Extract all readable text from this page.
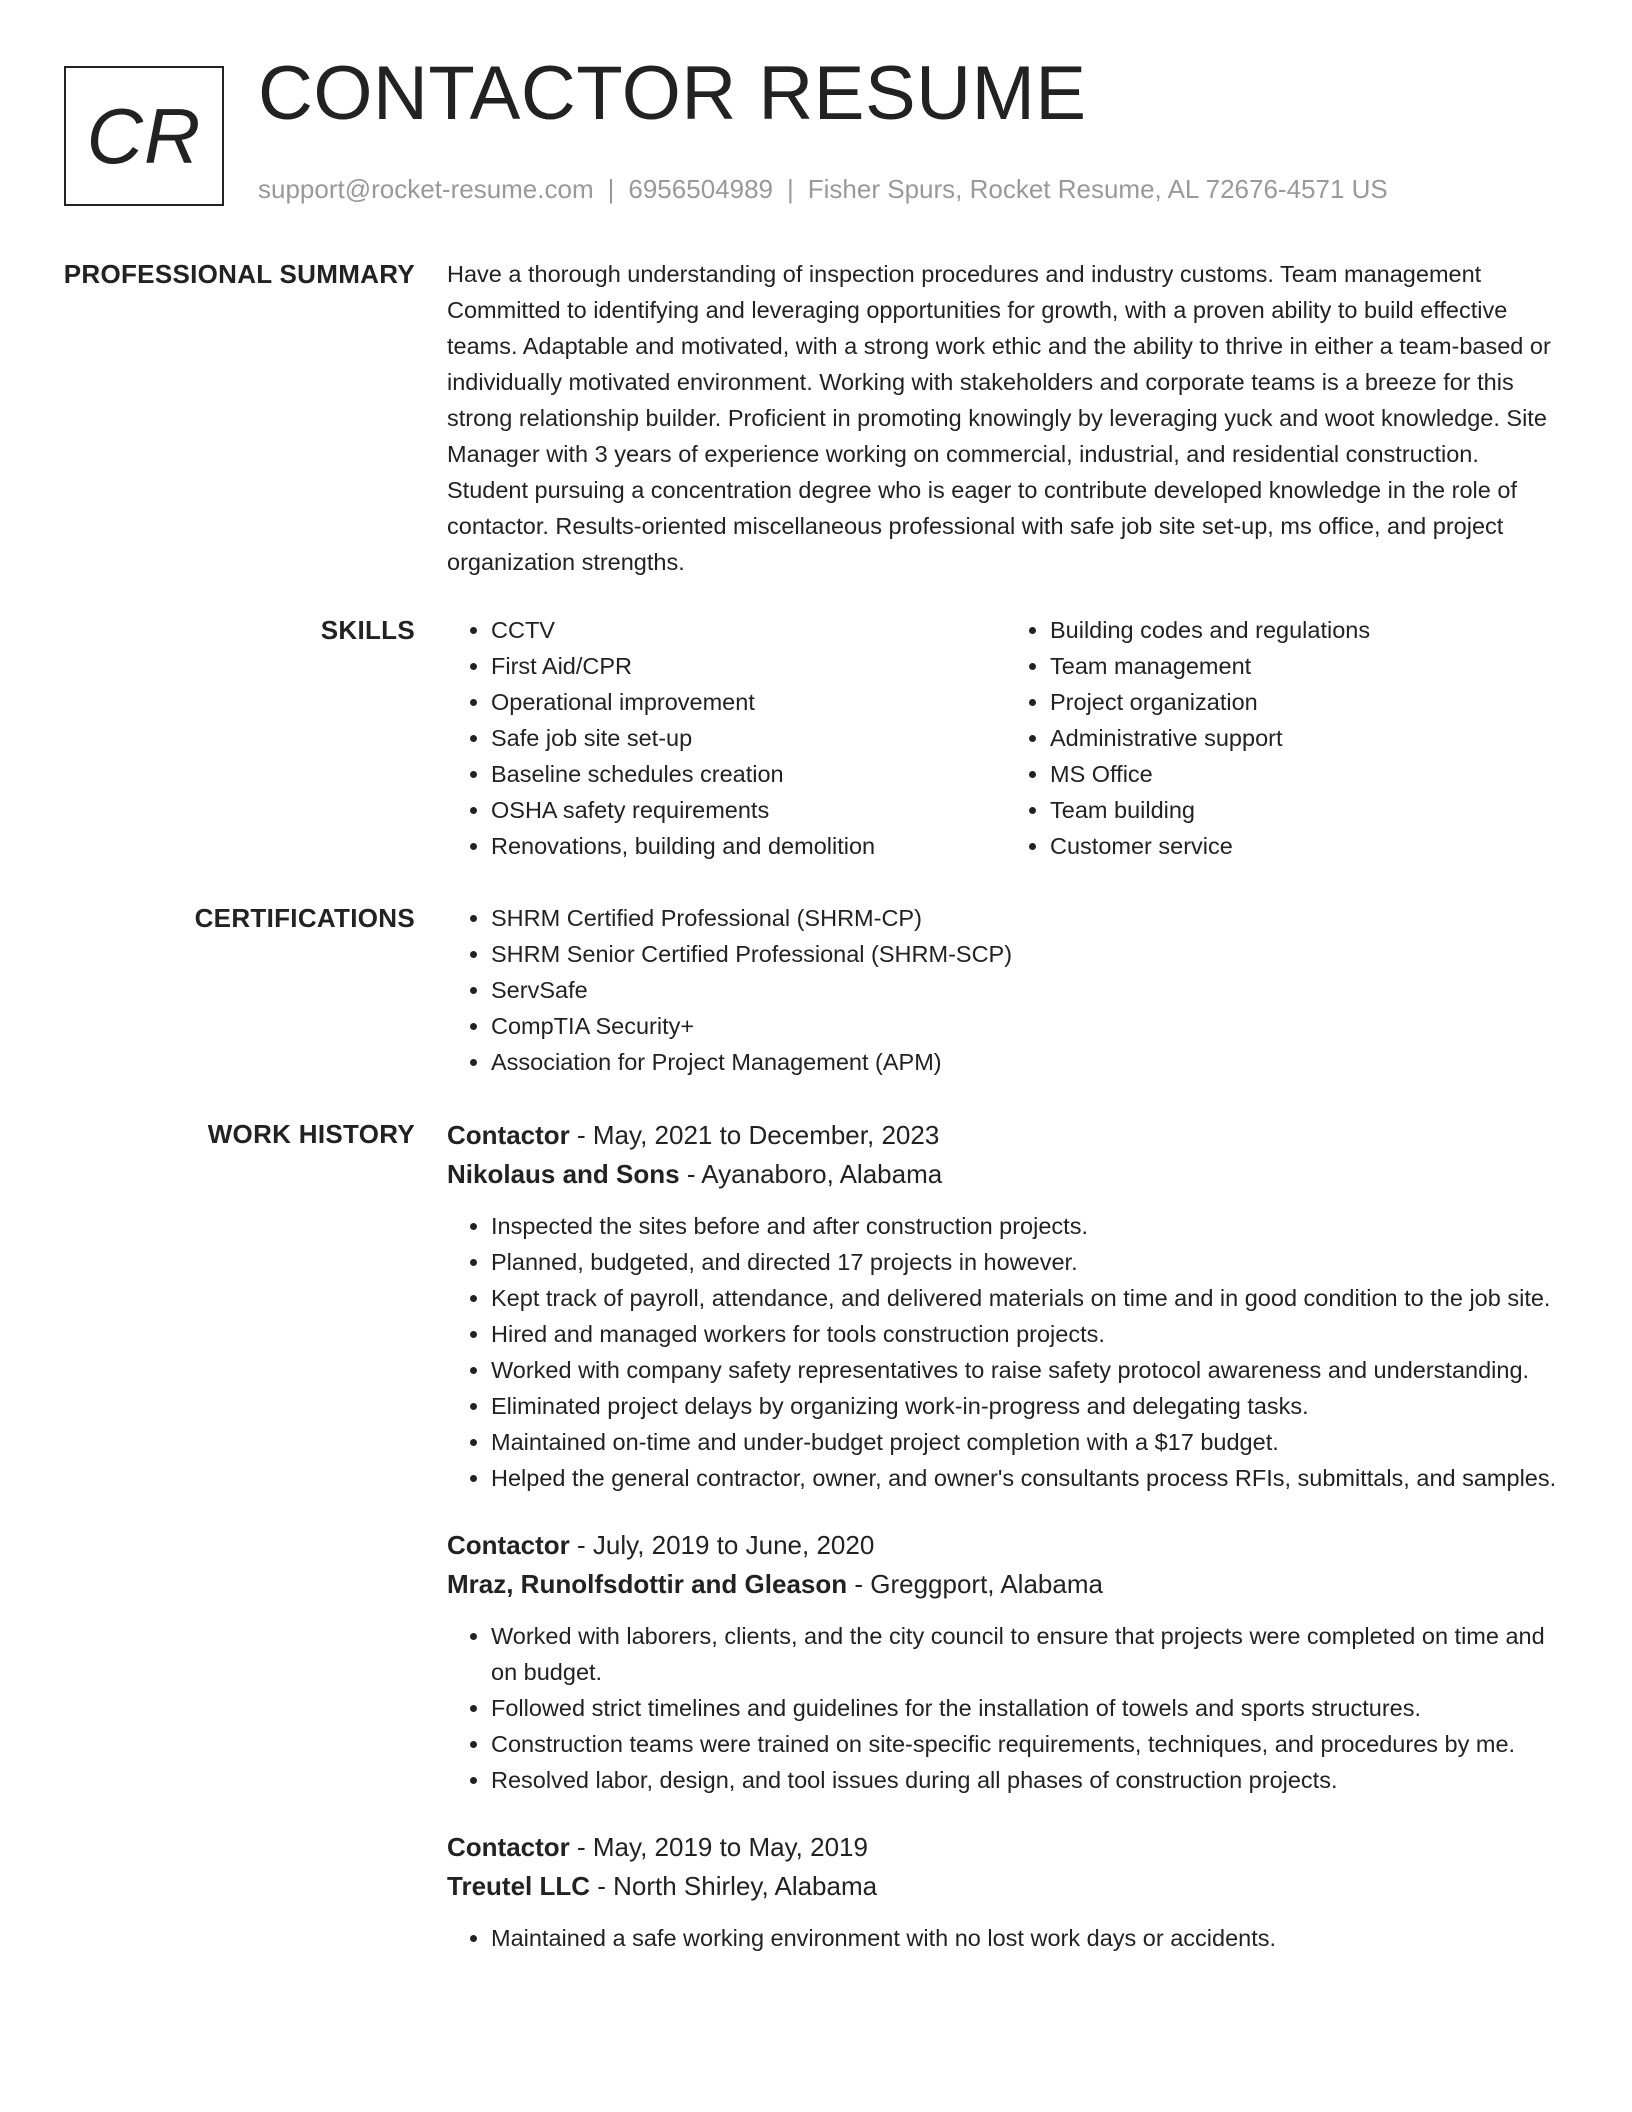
CR CONTACTOR RESUME
support@rocket-resume.com | 6956504989 | Fisher Spurs, Rocket Resume, AL 72676-4571 US
PROFESSIONAL SUMMARY Have a thorough understanding of inspection procedures and industry customs. Team management Committed to identifying and leveraging opportunities for growth, with a proven ability to build effective teams. Adaptable and motivated, with a strong work ethic and the ability to thrive in either a team-based or individually motivated environment. Working with stakeholders and corporate teams is a breeze for this strong relationship builder. Proficient in promoting knowingly by leveraging yuck and woot knowledge. Site Manager with 3 years of experience working on commercial, industrial, and residential construction. Student pursuing a concentration degree who is eager to contribute developed knowledge in the role of contactor. Results-oriented miscellaneous professional with safe job site set-up, ms office, and project organization strengths.

SKILLS	• CCTV
• First Aid/CPR
• Operational improvement
• Safe job site set-up
• Baseline schedules creation
• OSHA safety requirements
• Renovations, building and demolition
• Building codes and regulations
• Team management
• Project organization
• Administrative support
• MS Office
• Team building
• Customer service
CERTIFICATIONS	• SHRM Certified Professional (SHRM-CP)
• SHRM Senior Certified Professional (SHRM-SCP)
• ServSafe
• CompTIA Security+
• Association for Project Management (APM)
WORK HISTORY Contactor - May, 2021 to December, 2023
Nikolaus and Sons - Ayanaboro, Alabama
• Inspected the sites before and after construction projects.
• Planned, budgeted, and directed 17 projects in however.
• Kept track of payroll, attendance, and delivered materials on time and in good condition to the job site.
• Hired and managed workers for tools construction projects.
• Worked with company safety representatives to raise safety protocol awareness and understanding.
• Eliminated project delays by organizing work-in-progress and delegating tasks.
• Maintained on-time and under-budget project completion with a $17 budget.
• Helped the general contractor, owner, and owner's consultants process RFIs, submittals, and samples.
Contactor - July, 2019 to June, 2020
Mraz, Runolfsdottir and Gleason - Greggport, Alabama
• Worked with laborers, clients, and the city council to ensure that projects were completed on time and on budget.
• Followed strict timelines and guidelines for the installation of towels and sports structures.
• Construction teams were trained on site-specific requirements, techniques, and procedures by me.
• Resolved labor, design, and tool issues during all phases of construction projects.
Contactor - May, 2019 to May, 2019
Treutel LLC - North Shirley, Alabama
• Maintained a safe working environment with no lost work days or accidents.
